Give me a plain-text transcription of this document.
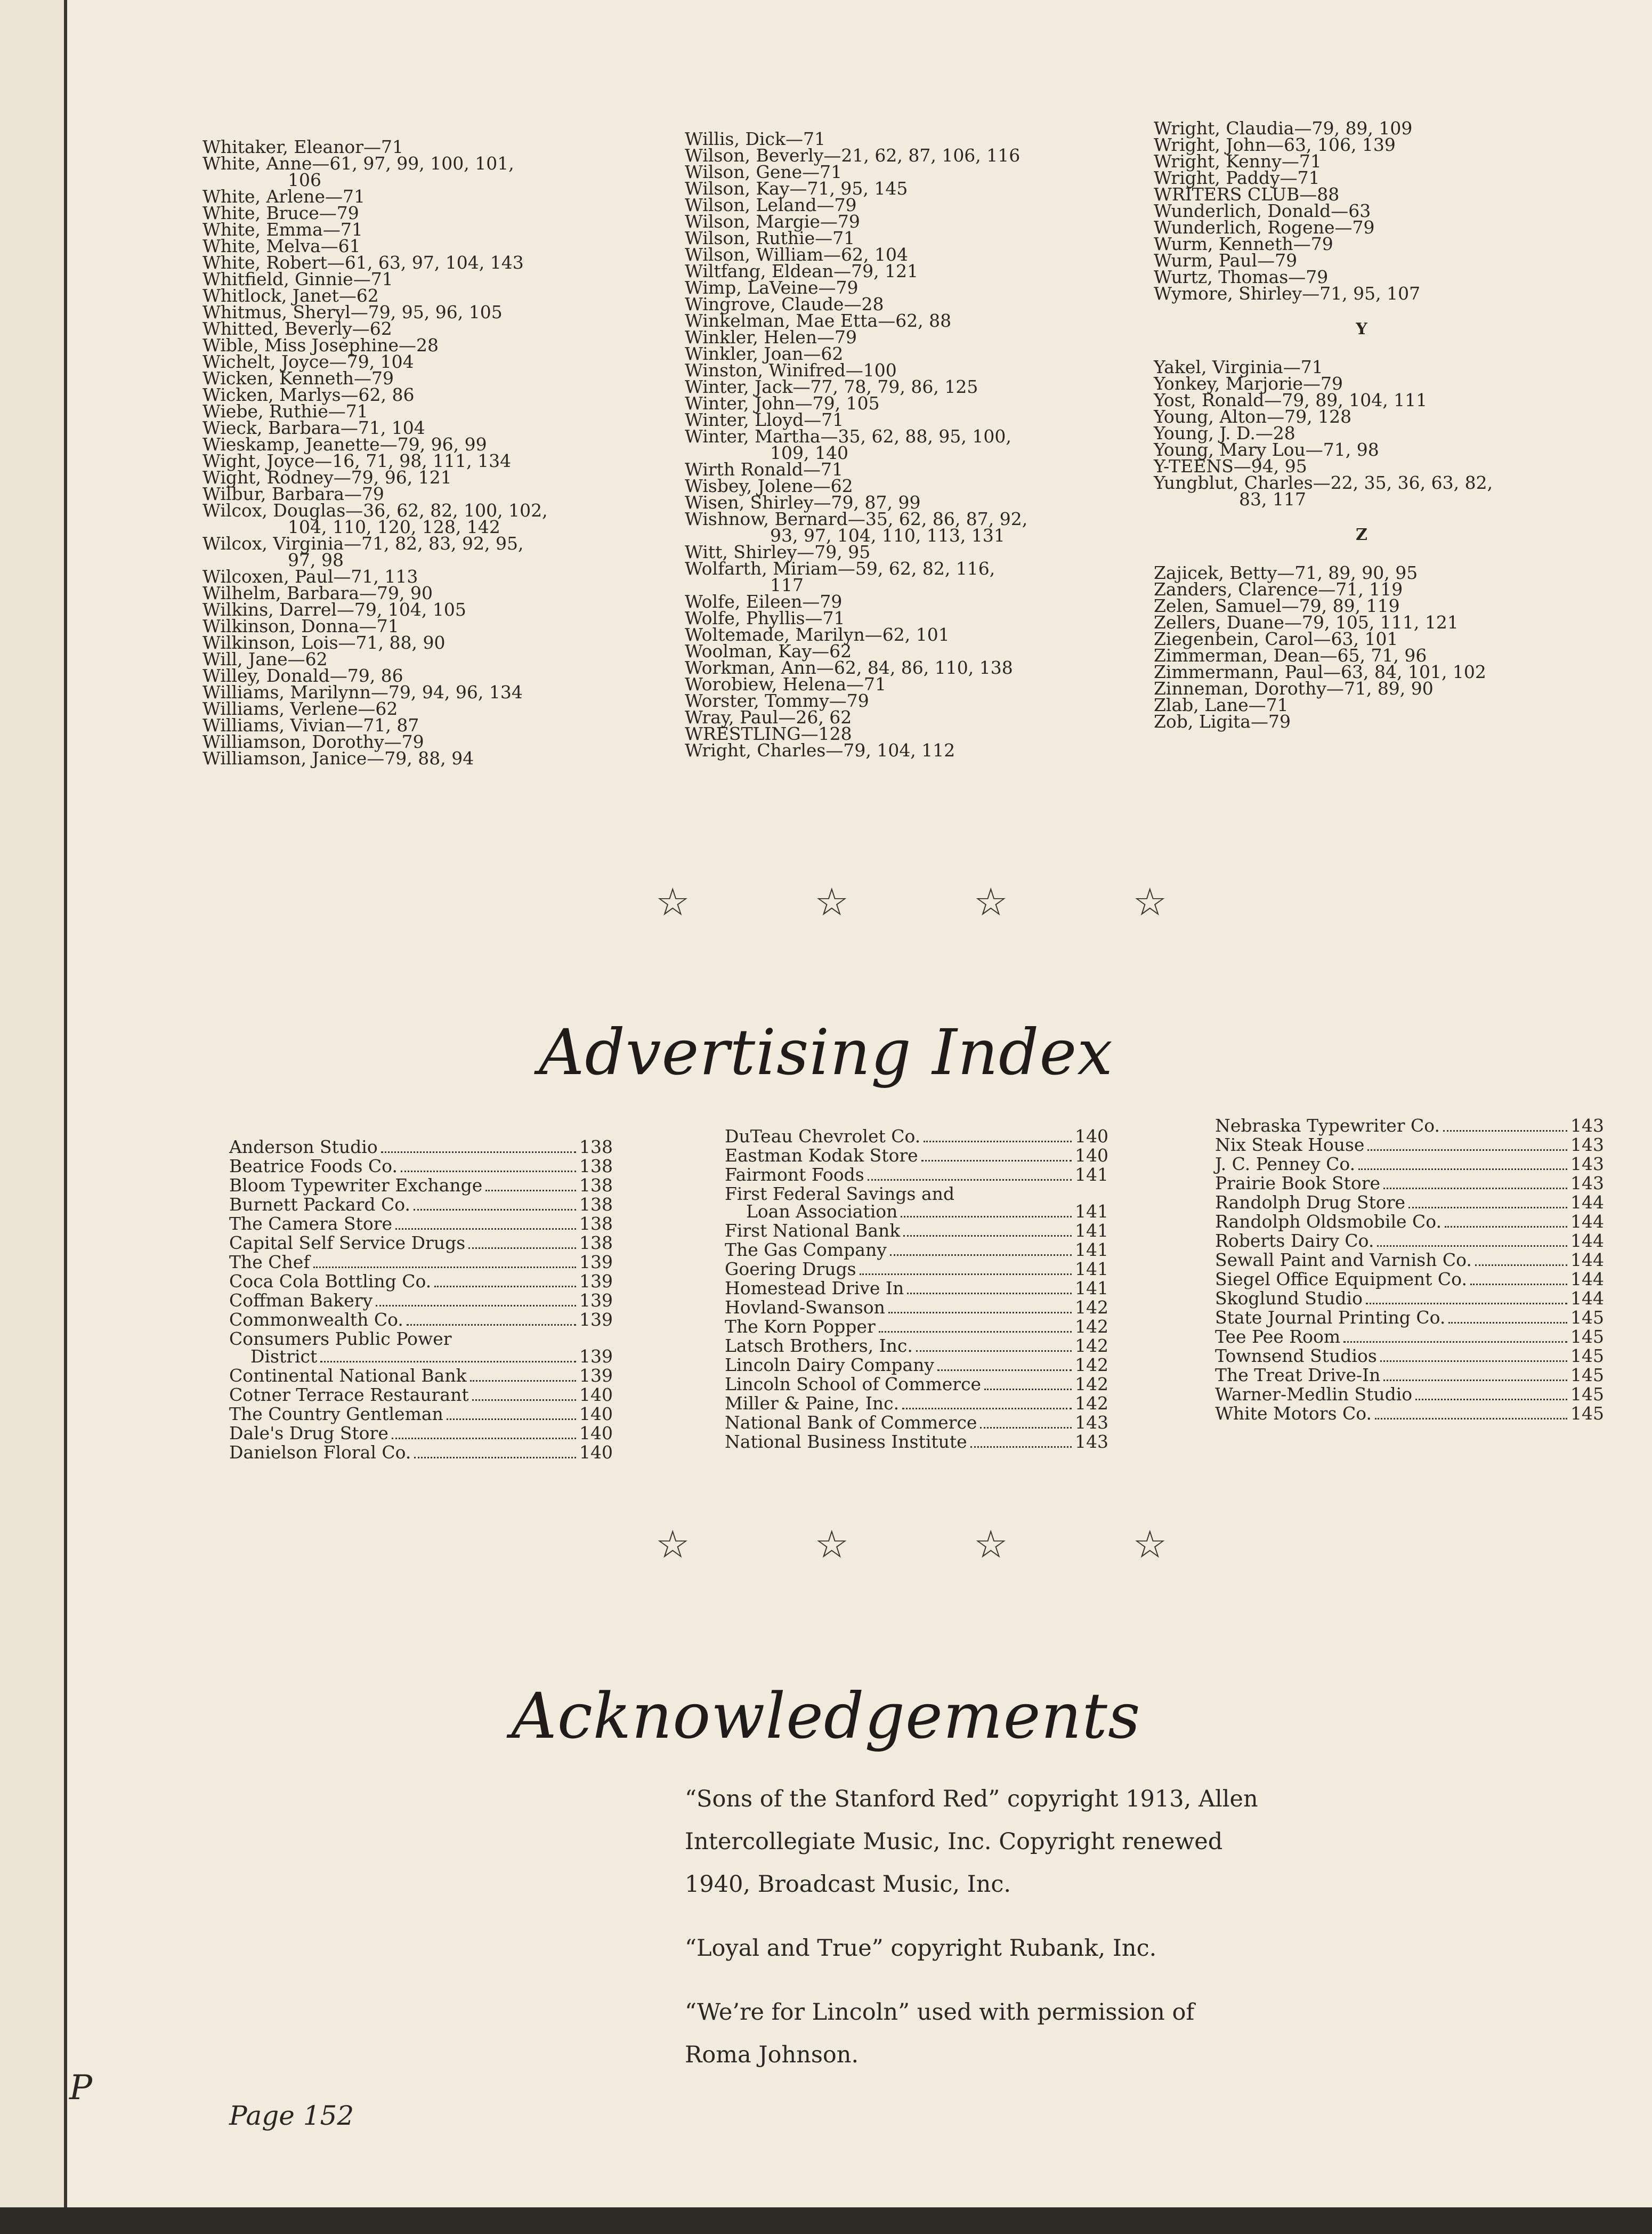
P
Whitaker, Eleanor—71
White, Anne—61, 97, 99, 100, 101,
106
White, Arlene—71
White, Bruce—79
White, Emma—71
White, Melva—61
White, Robert—61, 63, 97, 104, 143
Whitfield, Ginnie—71
Whitlock, Janet—62
Whitmus, Sheryl—79, 95, 96, 105
Whitted, Beverly—62
Wible, Miss Josephine—28
Wichelt, Joyce—79, 104
Wicken, Kenneth—79
Wicken, Marlys—62, 86
Wiebe, Ruthie—71
Wieck, Barbara—71, 104
Wieskamp, Jeanette—79, 96, 99
Wight, Joyce—16, 71, 98, 111, 134
Wight, Rodney—79, 96, 121
Wilbur, Barbara—79
Wilcox, Douglas—36, 62, 82, 100, 102,
104, 110, 120, 128, 142
Wilcox, Virginia—71, 82, 83, 92, 95,
97, 98
Wilcoxen, Paul—71, 113
Wilhelm, Barbara—79, 90
Wilkins, Darrel—79, 104, 105
Wilkinson, Donna—71
Wilkinson, Lois—71, 88, 90
Will, Jane—62
Willey, Donald—79, 86
Williams, Marilynn—79, 94, 96, 134
Williams, Verlene—62
Williams, Vivian—71, 87
Williamson, Dorothy—79
Williamson, Janice—79, 88, 94
Willis, Dick—71
Wilson, Beverly—21, 62, 87, 106, 116
Wilson, Gene—71
Wilson, Kay—71, 95, 145
Wilson, Leland—79
Wilson, Margie—79
Wilson, Ruthie—71
Wilson, William—62, 104
Wiltfang, Eldean—79, 121
Wimp, LaVeine—79
Wingrove, Claude—28
Winkelman, Mae Etta—62, 88
Winkler, Helen—79
Winkler, Joan—62
Winston, Winifred—100
Winter, Jack—77, 78, 79, 86, 125
Winter, John—79, 105
Winter, Lloyd—71
Winter, Martha—35, 62, 88, 95, 100,
109, 140
Wirth Ronald—71
Wisbey, Jolene—62
Wisen, Shirley—79, 87, 99
Wishnow, Bernard—35, 62, 86, 87, 92,
93, 97, 104, 110, 113, 131
Witt, Shirley—79, 95
Wolfarth, Miriam—59, 62, 82, 116,
117
Wolfe, Eileen—79
Wolfe, Phyllis—71
Woltemade, Marilyn—62, 101
Woolman, Kay—62
Workman, Ann—62, 84, 86, 110, 138
Worobiew, Helena—71
Worster, Tommy—79
Wray, Paul—26, 62
WRESTLING—128
Wright, Charles—79, 104, 112
Wright, Claudia—79, 89, 109
Wright, John—63, 106, 139
Wright, Kenny—71
Wright, Paddy—71
WRITERS CLUB—88
Wunderlich, Donald—63
Wunderlich, Rogene—79
Wurm, Kenneth—79
Wurm, Paul—79
Wurtz, Thomas—79
Wymore, Shirley—71, 95, 107
Y
Yakel, Virginia—71
Yonkey, Marjorie—79
Yost, Ronald—79, 89, 104, 111
Young, Alton—79, 128
Young, J. D.—28
Young, Mary Lou—71, 98
Y-TEENS—94, 95
Yungblut, Charles—22, 35, 36, 63, 82,
83, 117
Z
Zajicek, Betty—71, 89, 90, 95
Zanders, Clarence—71, 119
Zelen, Samuel—79, 89, 119
Zellers, Duane—79, 105, 111, 121
Ziegenbein, Carol—63, 101
Zimmerman, Dean—65, 71, 96
Zimmermann, Paul—63, 84, 101, 102
Zinneman, Dorothy—71, 89, 90
Zlab, Lane—71
Zob, Ligita—79
☆	☆	☆	☆
Advertising Index
Anderson Studio	138
Beatrice Foods Co.	138
Bloom Typewriter Exchange	138
Burnett Packard Co.	138
The Camera Store	138
Capital Self Service Drugs	138
The Chef	139
Coca Cola Bottling Co.	139
Coffman Bakery	139
Commonwealth Co.	139
Consumers Public Power
District	139
Continental National Bank	139
Cotner Terrace Restaurant	140
The Country Gentleman	140
Dale's Drug Store	140
Danielson Floral Co.	140
DuTeau Chevrolet Co.	140
Eastman Kodak Store	140
Fairmont Foods	141
First Federal Savings and
Loan Association	141
First National Bank	141
The Gas Company	141
Goering Drugs	141
Homestead Drive In	141
Hovland-Swanson	142
The Korn Popper	142
Latsch Brothers, Inc.	142
Lincoln Dairy Company	142
Lincoln School of Commerce	142
Miller & Paine, Inc.	142
National Bank of Commerce	143
National Business Institute	143
Nebraska Typewriter Co.	143
Nix Steak House	143
J. C. Penney Co.	143
Prairie Book Store	143
Randolph Drug Store	144
Randolph Oldsmobile Co.	144
Roberts Dairy Co.	144
Sewall Paint and Varnish Co.	144
Siegel Office Equipment Co.	144
Skoglund Studio	144
State Journal Printing Co.	145
Tee Pee Room	145
Townsend Studios	145
The Treat Drive-In	145
Warner-Medlin Studio	145
White Motors Co.	145
☆	☆	☆	☆
Acknowledgements

“Sons of the Stanford Red” copyright 1913, Allen Intercollegiate Music, Inc. Copyright renewed 1940, Broadcast Music, Inc.

“Loyal and True” copyright Rubank, Inc.

“We’re for Lincoln” used with permission of Roma Johnson.

Page 152
